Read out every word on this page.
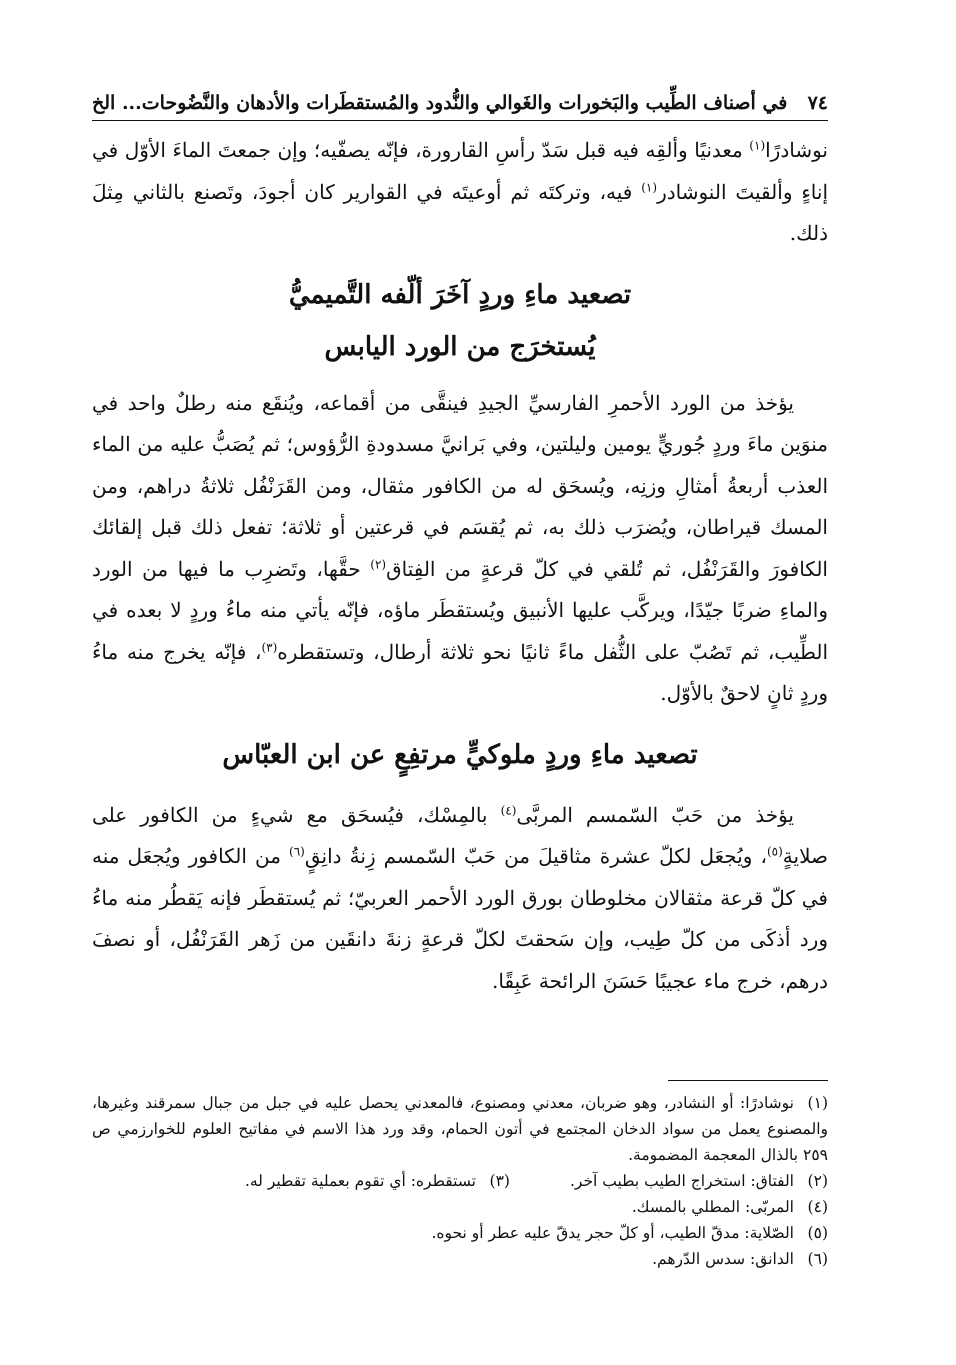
٧٤
في أصناف الطِّيب والبَخورات والغَوالي والنُّدود والمُستقطَرات والأدهان والنَّضُوحات... الخ

نوشادرًا$^{(١)}$ معدنيًا وألقِه فيه قبل سَدّ رأسِ القارورة، فإنّه يصفّيه؛ وإن جمعتَ الماءَ الأوّل في إناءٍ وألقيتَ النوشادر$^{(١)}$ فيه، وتركتَه ثم أوعيتَه في القوارير كان أجودَ، وتَصنع بالثاني مِثلَ ذلك.

تصعيد ماءِ وردٍ آخَرَ ألّفه التَّميميُّ
يُستخرَج من الورد اليابس

يؤخذ من الورد الأحمرِ الفارسيِّ الجيدِ فينقَّى من أقماعه، ويُنقَع منه رطلٌ واحد في منوَين ماءَ وردٍ جُوريٍّ يومين وليلتين، وفي بَرانيَّ مسدودةِ الرُّؤوس؛ ثم يُصَبُّ عليه من الماء العذب أربعةُ أمثالِ وزنِه، ويُسحَق له من الكافور مثقال، ومن القَرَنْفُل ثلاثةُ دراهم، ومن المسك قيراطان، ويُضرَب ذلك به، ثم يُقسَم في قرعتين أو ثلاثة؛ تفعل ذلك قبل إلقائك الكافورَ والقَرَنْفُل، ثم تُلقي في كلّ قرعةٍ من الفِتاق$^{(٢)}$ حقَّها، وتَضرِب ما فيها من الورد والماءِ ضربًا جيّدًا، ويركَّب عليها الأنبيق ويُستقطَر ماؤه، فإنّه يأتي منه ماءُ وردٍ لا بعده في الطِّيب، ثم تَصُبّ على الثُّفل ماءً ثانيًا نحو ثلاثة أرطال، وتستقطره$^{(٣)}$، فإنّه يخرج منه ماءُ وردٍ ثانٍ لاحقٌ بالأوّل.

تصعيد ماءِ وردٍ ملوكيٍّ مرتفِعٍ عن ابن العبّاس

يؤخذ من حَبّ السّمسم المربَّى$^{(٤)}$ بالمِسْك، فيُسحَق مع شيءٍ من الكافور على صلايةٍ$^{(٥)}$، ويُجعَل لكلّ عشرة مثاقيلَ من حَبّ السّمسم زِنةُ دانِقٍ$^{(٦)}$ من الكافور ويُجعَل منه في كلّ قرعة مثقالان مخلوطان بورق الورد الأحمر العربيّ؛ ثم يُستقطَر فإنه يَقطُر منه ماءُ ورد أذكَى من كلّ طِيب، وإن سَحقتَ لكلّ قرعةٍ زنةَ دانقَين من زَهر القَرَنْفُل، أو نصفَ درهم، خرج ماء عجيبًا حَسَنَ الرائحة عَبِقًا.

(١)نوشادرًا: أو النشادر، وهو ضربان، معدني ومصنوع، فالمعدني يحصل عليه في جبل من جبال سمرقند وغيرها، والمصنوع يعمل من سواد الدخان المجتمع في أتون الحمام، وقد ورد هذا الاسم في مفاتيح العلوم للخوارزمي ص ٢٥٩ بالذال المعجمة المضمومة.

(٢)الفتاق: استخراج الطيب بطيب آخر.

(٣)تستقطره: أي تقوم بعملية تقطير له.

(٤)المربّى: المطلي بالمسك.

(٥)الصّلاية: مدقّ الطيب، أو كلّ حجر يدقّ عليه عطر أو نحوه.

(٦)الدانق: سدس الدّرهم.
